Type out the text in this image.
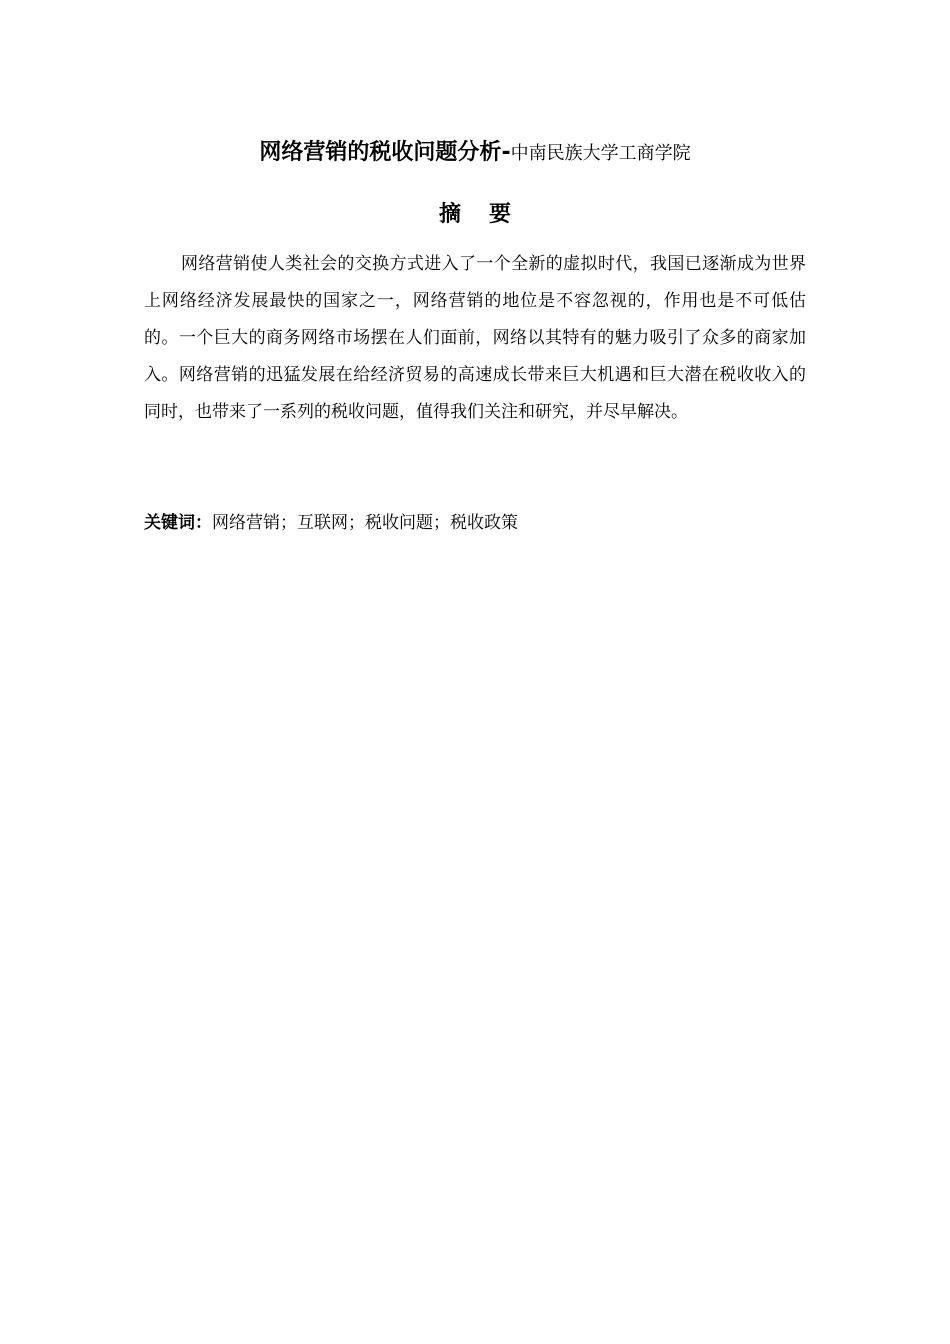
网络营销的税收问题分析-中南民族大学工商学院
摘要

网络营销使人类社会的交换方式进入了一个全新的虚拟时代，我国已逐渐成为世界上网络经济发展最快的国家之一，网络营销的地位是不容忽视的，作用也是不可低估的。一个巨大的商务网络市场摆在人们面前，网络以其特有的魅力吸引了众多的商家加入。网络营销的迅猛发展在给经济贸易的高速成长带来巨大机遇和巨大潜在税收收入的同时，也带来了一系列的税收问题，值得我们关注和研究，并尽早解决。

关键词：网络营销；互联网；税收问题；税收政策
